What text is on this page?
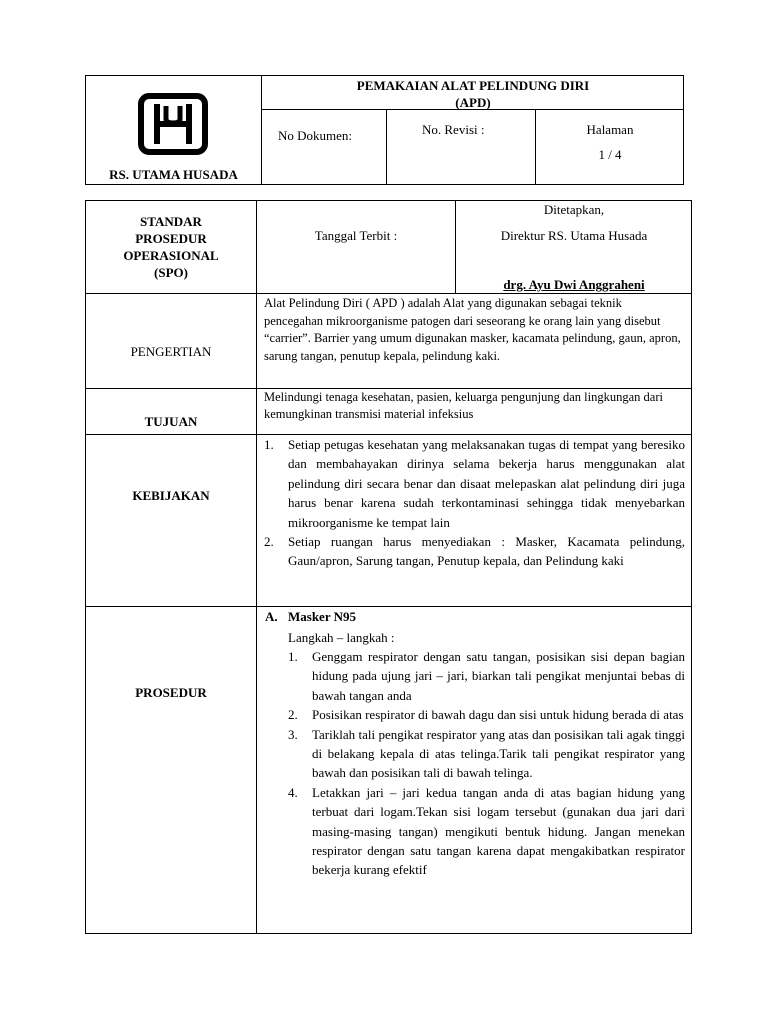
RS. UTAMA HUSADA
PEMAKAIAN ALAT PELINDUNG DIRI
(APD)
No Dokumen:	No. Revisi :	Halaman
1 / 4
STANDAR
PROSEDUR
OPERASIONAL
(SPO)
Tanggal Terbit :
Ditetapkan,
Direktur RS. Utama Husada
drg. Ayu Dwi Anggraheni
PENGERTIAN
Alat Pelindung Diri ( APD ) adalah Alat yang digunakan sebagai teknik pencegahan mikroorganisme patogen dari seseorang ke orang lain yang disebut “carrier”. Barrier yang umum digunakan masker, kacamata pelindung, gaun, apron, sarung tangan, penutup kepala, pelindung kaki.
TUJUAN
Melindungi tenaga kesehatan, pasien, keluarga pengunjung dan lingkungan dari kemungkinan transmisi material infeksius
KEBIJAKAN
1. Setiap petugas kesehatan yang melaksanakan tugas di tempat yang beresiko dan membahayakan dirinya selama bekerja harus menggunakan alat pelindung diri secara benar dan disaat melepaskan alat pelindung diri juga harus benar karena sudah terkontaminasi sehingga tidak menyebarkan mikroorganisme ke tempat lain
2. Setiap ruangan harus menyediakan : Masker, Kacamata pelindung, Gaun/apron, Sarung tangan, Penutup kepala, dan Pelindung kaki
PROSEDUR
A. Masker N95
Langkah – langkah :
1. Genggam respirator dengan satu tangan, posisikan sisi depan bagian hidung pada ujung jari – jari, biarkan tali pengikat menjuntai bebas di bawah tangan anda
2. Posisikan respirator di bawah dagu dan sisi untuk hidung berada di atas
3. Tariklah tali pengikat respirator yang atas dan posisikan tali agak tinggi di belakang kepala di atas telinga.Tarik tali pengikat respirator yang bawah dan posisikan tali di bawah telinga.
4. Letakkan jari – jari kedua tangan anda di atas bagian hidung yang terbuat dari logam.Tekan sisi logam tersebut (gunakan dua jari dari masing-masing tangan) mengikuti bentuk hidung. Jangan menekan respirator dengan satu tangan karena dapat mengakibatkan respirator bekerja kurang efektif
